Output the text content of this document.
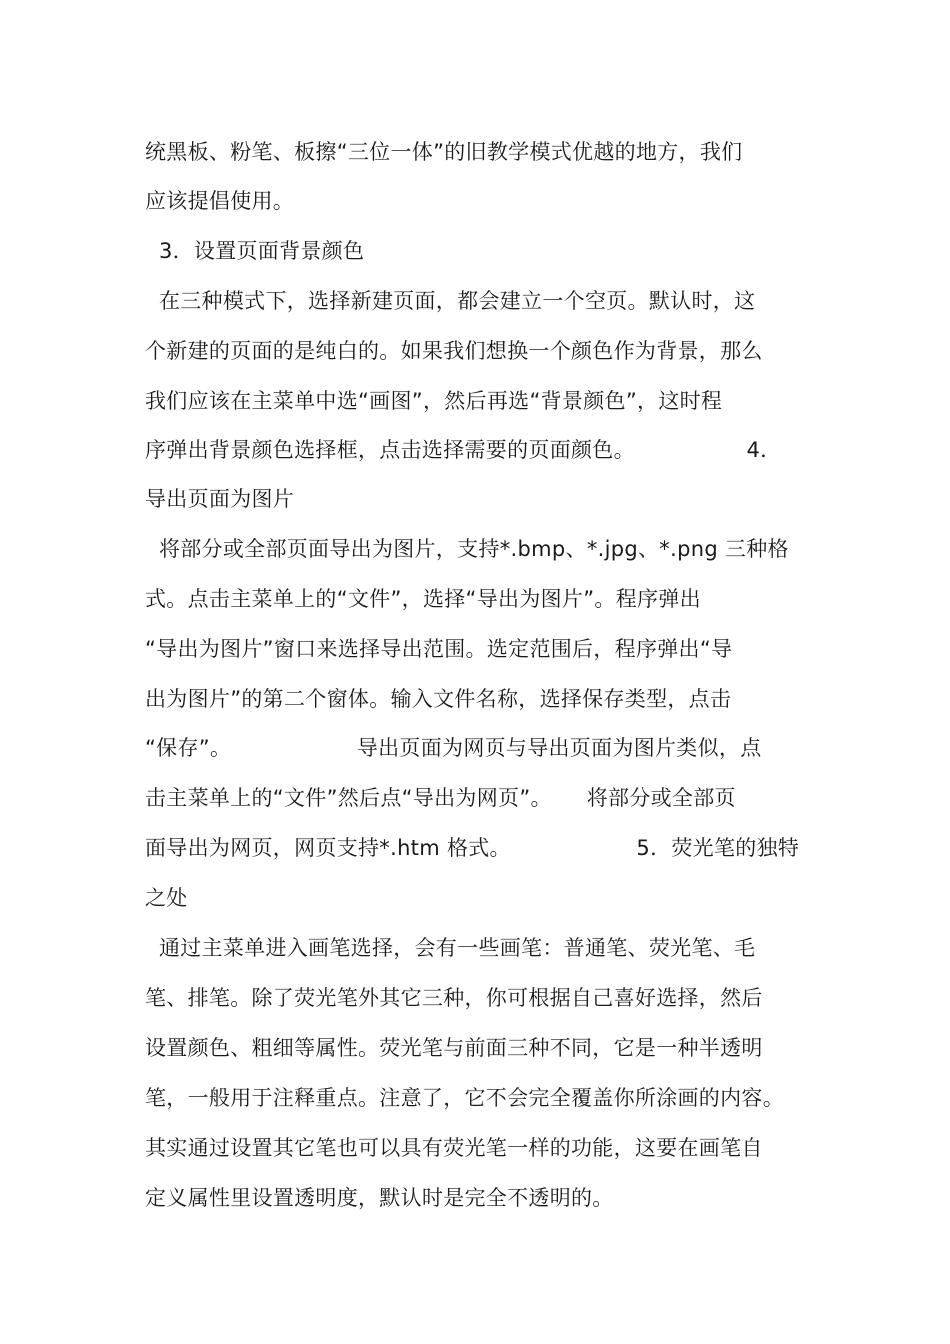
统黑板、粉笔、板擦“三位一体”的旧教学模式优越的地方，我们
应该提倡使用。
3．设置页面背景颜色
在三种模式下，选择新建页面，都会建立一个空页。默认时，这
个新建的页面的是纯白的。如果我们想换一个颜色作为背景，那么
我们应该在主菜单中选“画图”，然后再选“背景颜色”，这时程
序弹出背景颜色选择框，点击选择需要的页面颜色。                4．
导出页面为图片
将部分或全部页面导出为图片，支持*.bmp、*.jpg、*.png 三种格
式。点击主菜单上的“文件”，选择“导出为图片”。程序弹出
“导出为图片”窗口来选择导出范围。选定范围后，程序弹出“导
出为图片”的第二个窗体。输入文件名称，选择保存类型，点击
“保存”。                  导出页面为网页与导出页面为图片类似，点
击主菜单上的“文件”然后点“导出为网页”。     将部分或全部页
面导出为网页，网页支持*.htm 格式。                  5．荧光笔的独特
之处
通过主菜单进入画笔选择，会有一些画笔：普通笔、荧光笔、毛
笔、排笔。除了荧光笔外其它三种，你可根据自己喜好选择，然后
设置颜色、粗细等属性。荧光笔与前面三种不同，它是一种半透明
笔，一般用于注释重点。注意了，它不会完全覆盖你所涂画的内容。
其实通过设置其它笔也可以具有荧光笔一样的功能，这要在画笔自
定义属性里设置透明度，默认时是完全不透明的。
